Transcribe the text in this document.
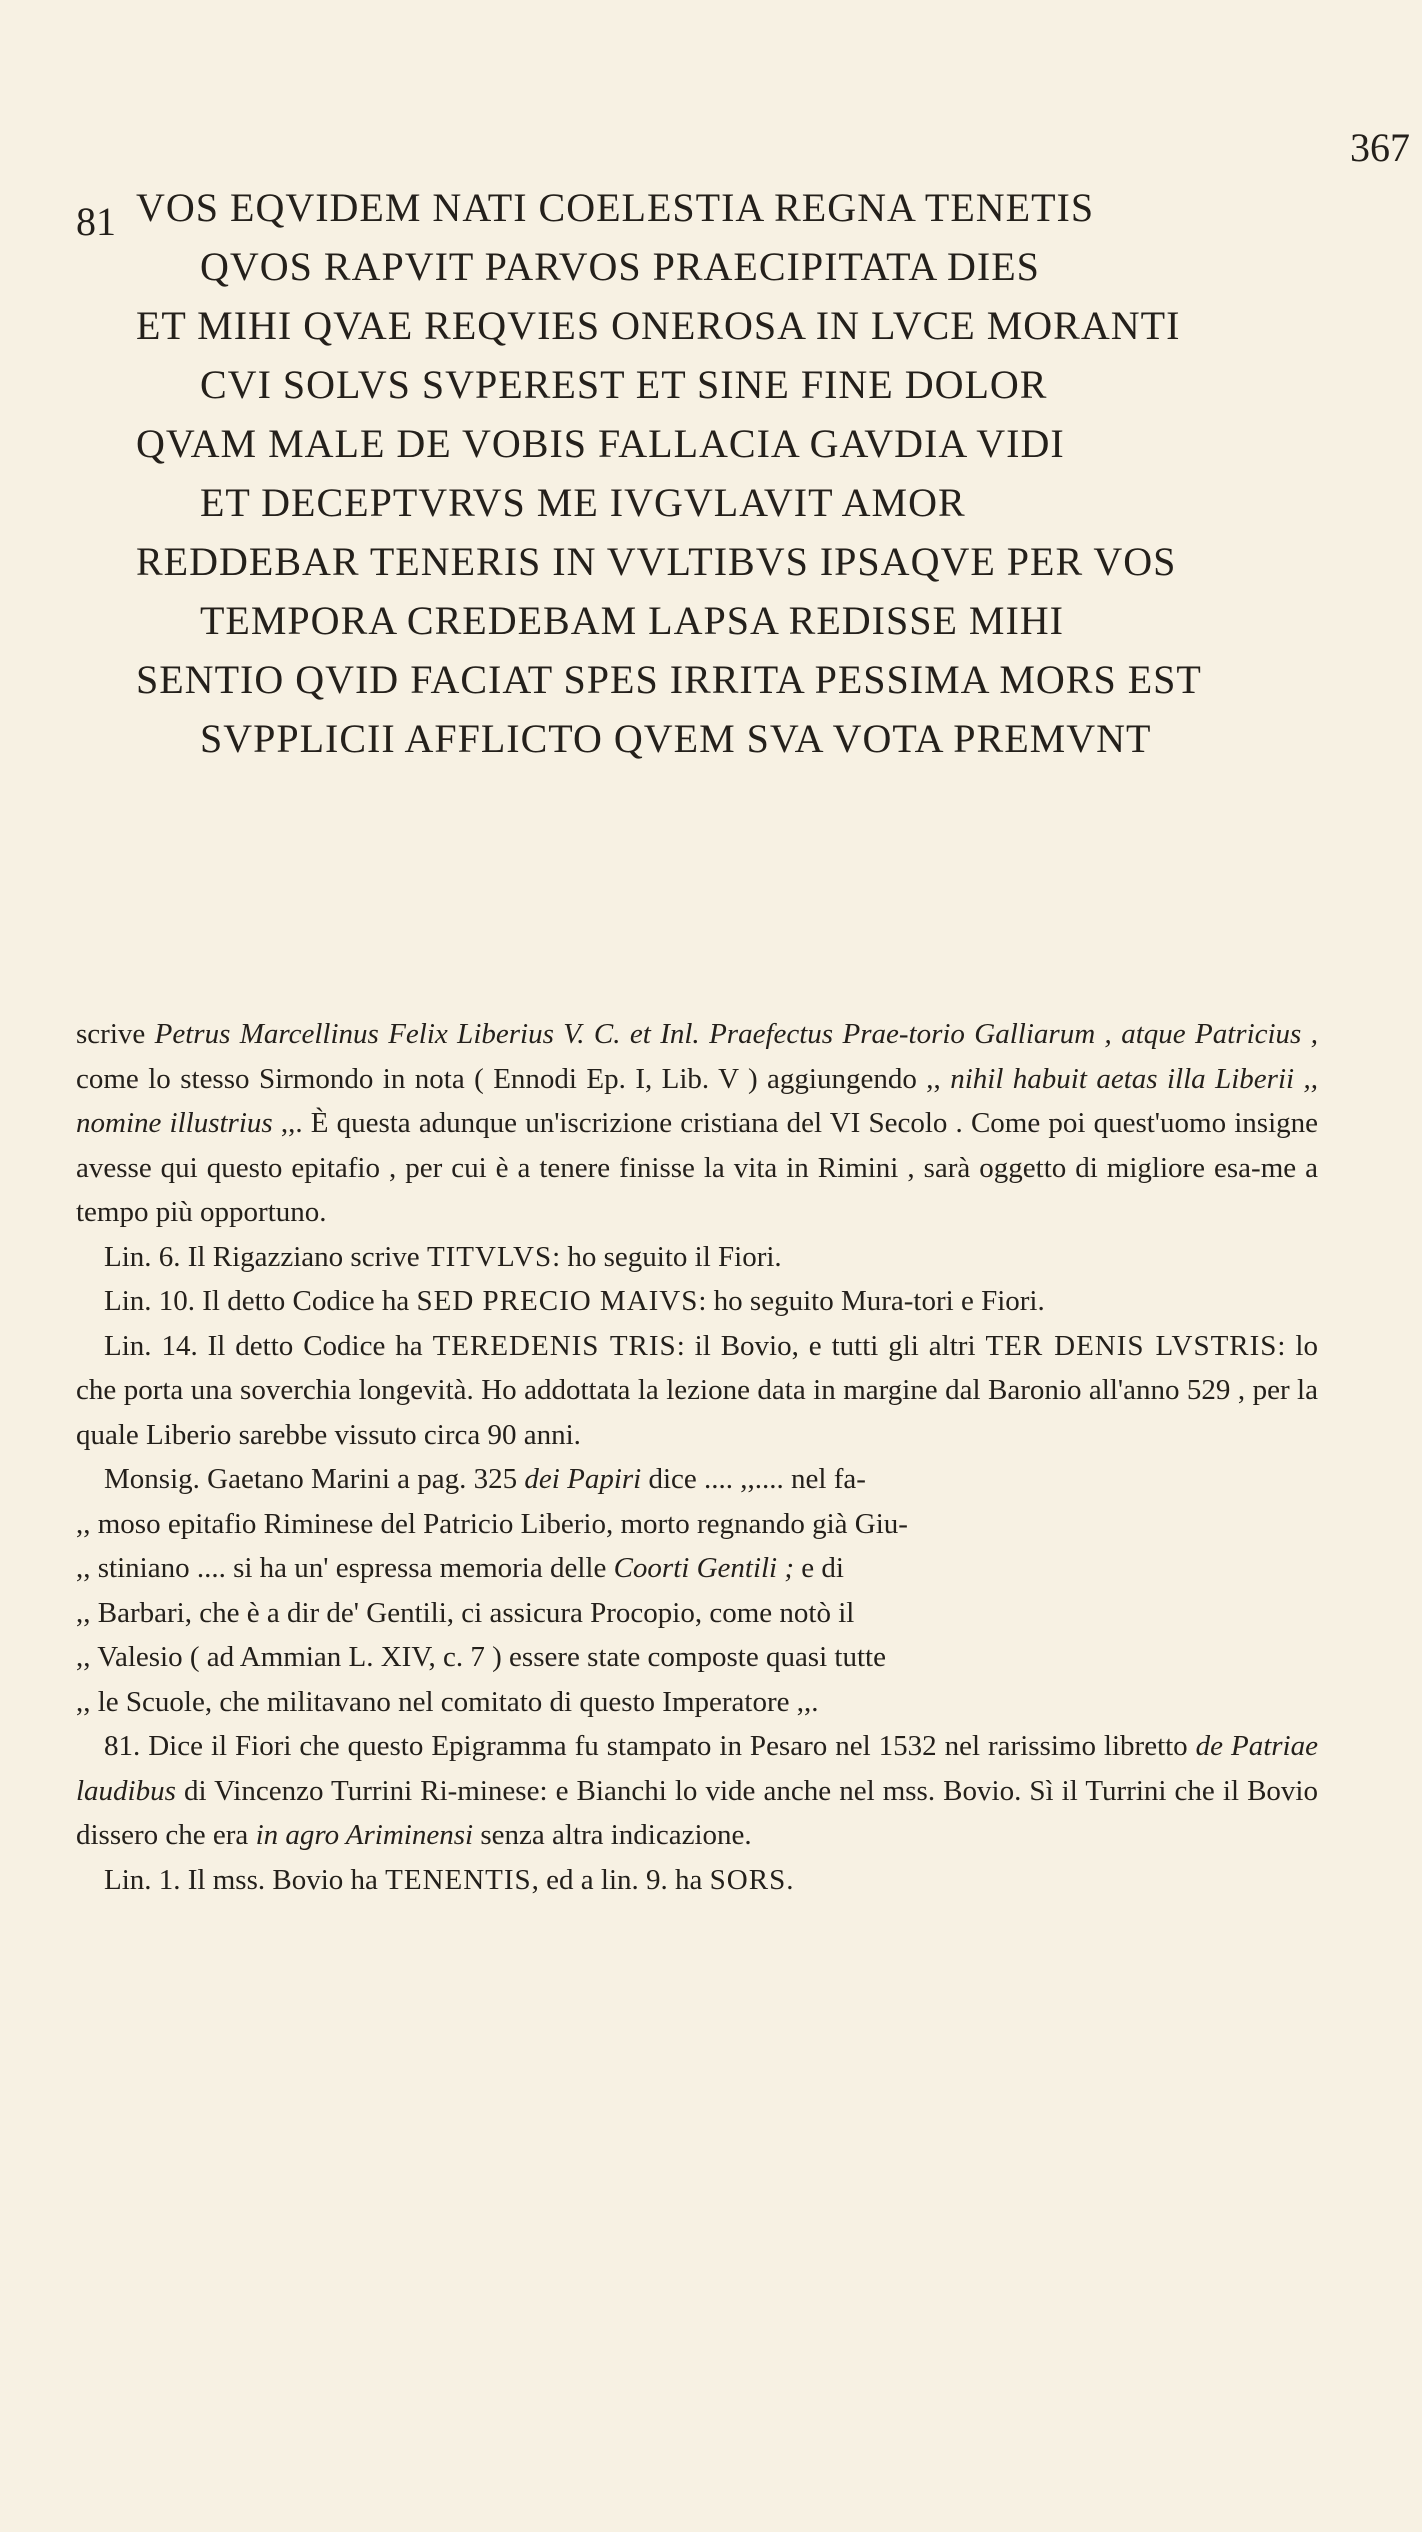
367
81 VOS EQVIDEM NATI COELESTIA REGNA TENETIS
QVOS RAPVIT PARVOS PRAECIPITATA DIES
ET MIHI QVAE REQVIES ONEROSA IN LVCE MORANTI
CVI SOLVS SVPEREST ET SINE FINE DOLOR
QVAM MALE DE VOBIS FALLACIA GAVDIA VIDI
ET DECEPTVRVS ME IVGVLAVIT AMOR
REDDEBAR TENERIS IN VVLTIBVS IPSAQVE PER VOS
TEMPORA CREDEBAM LAPSA REDISSE MIHI
SENTIO QVID FACIAT SPES IRRITA PESSIMA MORS EST
SVPPLICII AFFLICTO QVEM SVA VOTA PREMVNT

scrive Petrus Marcellinus Felix Liberius V. C. et Inl. Praefectus Prae-torio Galliarum , atque Patricius , come lo stesso Sirmondo in nota ( Ennodi Ep. I, Lib. V ) aggiungendo ,, nihil habuit aetas illa Liberii ,, nomine illustrius ,,. È questa adunque un'iscrizione cristiana del VI Secolo . Come poi quest'uomo insigne avesse qui questo epitafio , per cui è a tenere finisse la vita in Rimini , sarà oggetto di migliore esa-me a tempo più opportuno.

Lin. 6. Il Rigazziano scrive TITVLVS: ho seguito il Fiori.

Lin. 10. Il detto Codice ha SED PRECIO MAIVS: ho seguito Mura-tori e Fiori.

Lin. 14. Il detto Codice ha TEREDENIS TRIS: il Bovio, e tutti gli altri TER DENIS LVSTRIS: lo che porta una soverchia longevità. Ho addottata la lezione data in margine dal Baronio all'anno 529 , per la quale Liberio sarebbe vissuto circa 90 anni.

Monsig. Gaetano Marini a pag. 325 dei Papiri dice .... ,,.... nel fa-

,, moso epitafio Riminese del Patricio Liberio, morto regnando già Giu-

,, stiniano .... si ha un' espressa memoria delle Coorti Gentili ; e di

,, Barbari, che è a dir de' Gentili, ci assicura Procopio, come notò il

,, Valesio ( ad Ammian L. XIV, c. 7 ) essere state composte quasi tutte

,, le Scuole, che militavano nel comitato di questo Imperatore ,,.

81. Dice il Fiori che questo Epigramma fu stampato in Pesaro nel 1532 nel rarissimo libretto de Patriae laudibus di Vincenzo Turrini Ri-minese: e Bianchi lo vide anche nel mss. Bovio. Sì il Turrini che il Bovio dissero che era in agro Ariminensi senza altra indicazione.

Lin. 1. Il mss. Bovio ha TENENTIS, ed a lin. 9. ha SORS.
